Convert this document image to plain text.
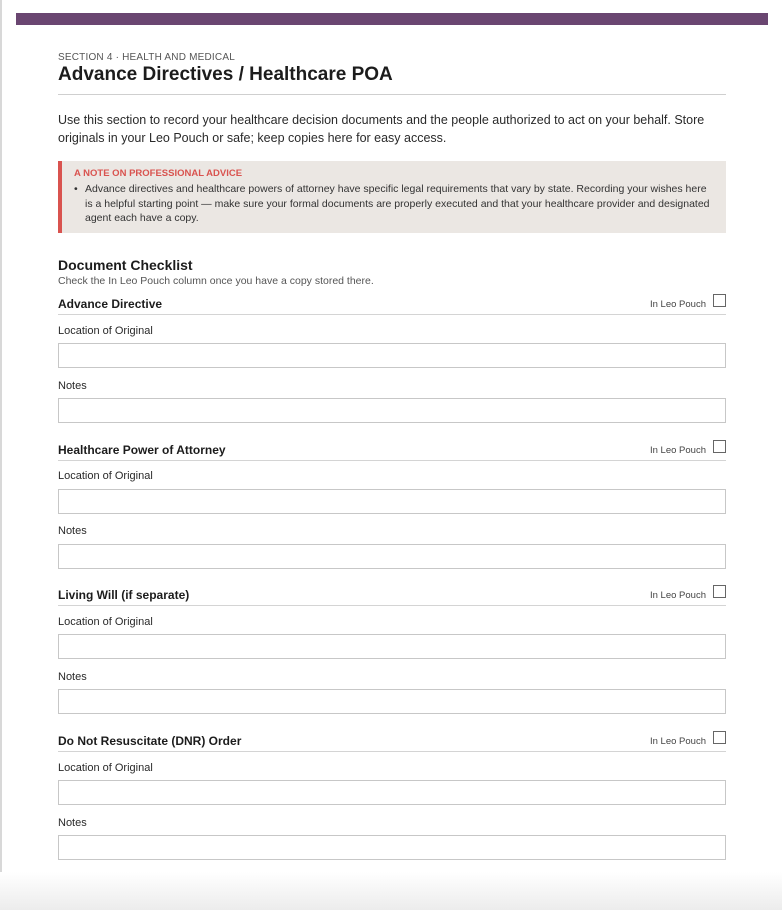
SECTION 4 · HEALTH AND MEDICAL
Advance Directives / Healthcare POA

Use this section to record your healthcare decision documents and the people authorized to act on your behalf. Store originals in your Leo Pouch or safe; keep copies here for easy access.

A NOTE ON PROFESSIONAL ADVICE
• Advance directives and healthcare powers of attorney have specific legal requirements that vary by state. Recording your wishes here is a helpful starting point — make sure your formal documents are properly executed and that your healthcare provider and designated agent each have a copy.
Document Checklist
Check the In Leo Pouch column once you have a copy stored there.
Advance Directive	In Leo Pouch
Location of Original
Notes
Healthcare Power of Attorney	In Leo Pouch
Location of Original
Notes
Living Will (if separate)	In Leo Pouch
Location of Original
Notes
Do Not Resuscitate (DNR) Order	In Leo Pouch
Location of Original
Notes
